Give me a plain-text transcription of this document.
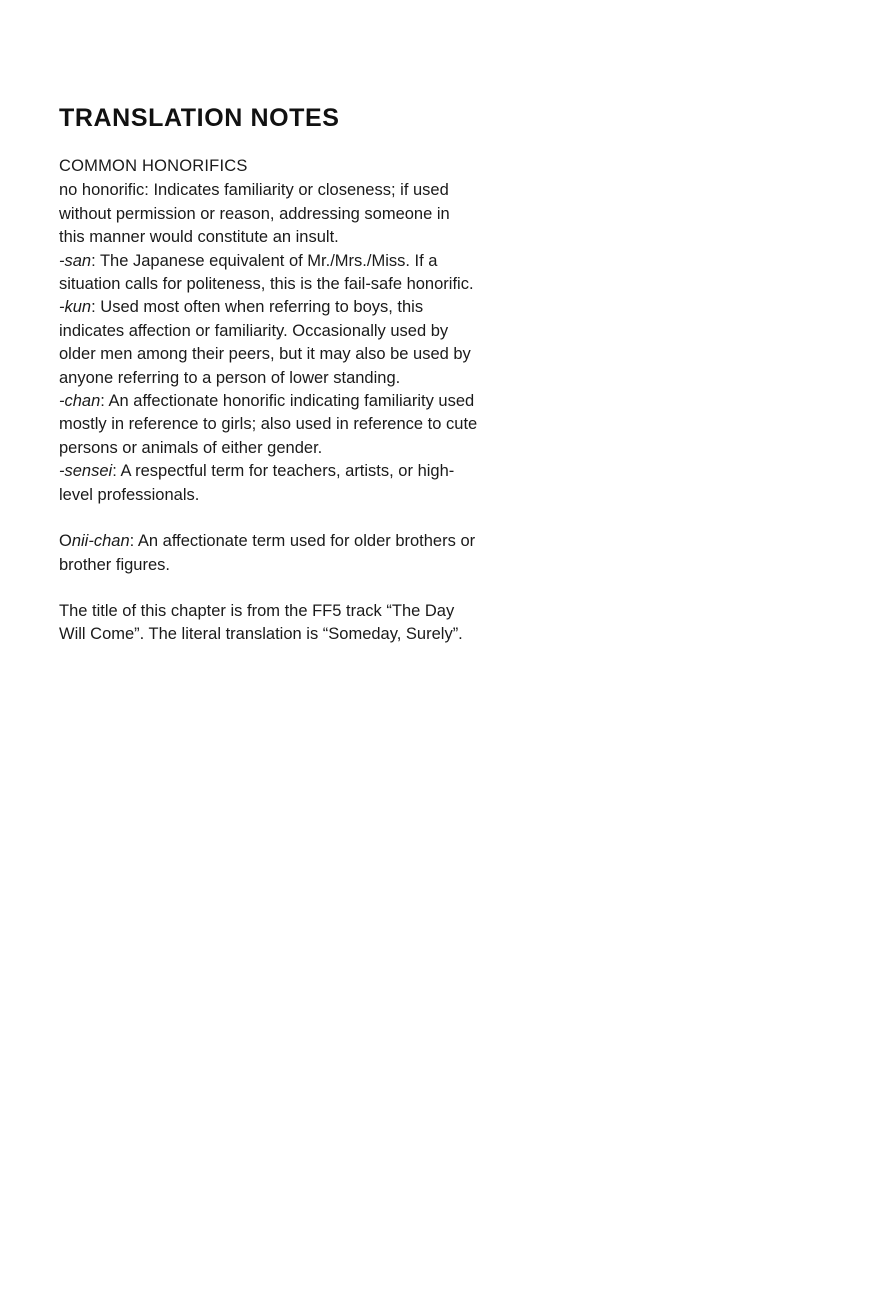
TRANSLATION NOTES
COMMON HONORIFICS

no honorific: Indicates familiarity or closeness; if used without permission or reason, addressing someone in this manner would constitute an insult.

-san: The Japanese equivalent of Mr./Mrs./Miss. If a situation calls for politeness, this is the fail-safe honorific.

-kun: Used most often when referring to boys, this indicates affection or familiarity. Occasionally used by older men among their peers, but it may also be used by anyone referring to a person of lower standing.

-chan: An affectionate honorific indicating familiarity used mostly in reference to girls; also used in reference to cute persons or animals of either gender.

-sensei: A respectful term for teachers, artists, or high-level professionals.

Onii-chan: An affectionate term used for older brothers or brother figures.

The title of this chapter is from the FF5 track “The Day Will Come”. The literal translation is “Someday, Surely”.
